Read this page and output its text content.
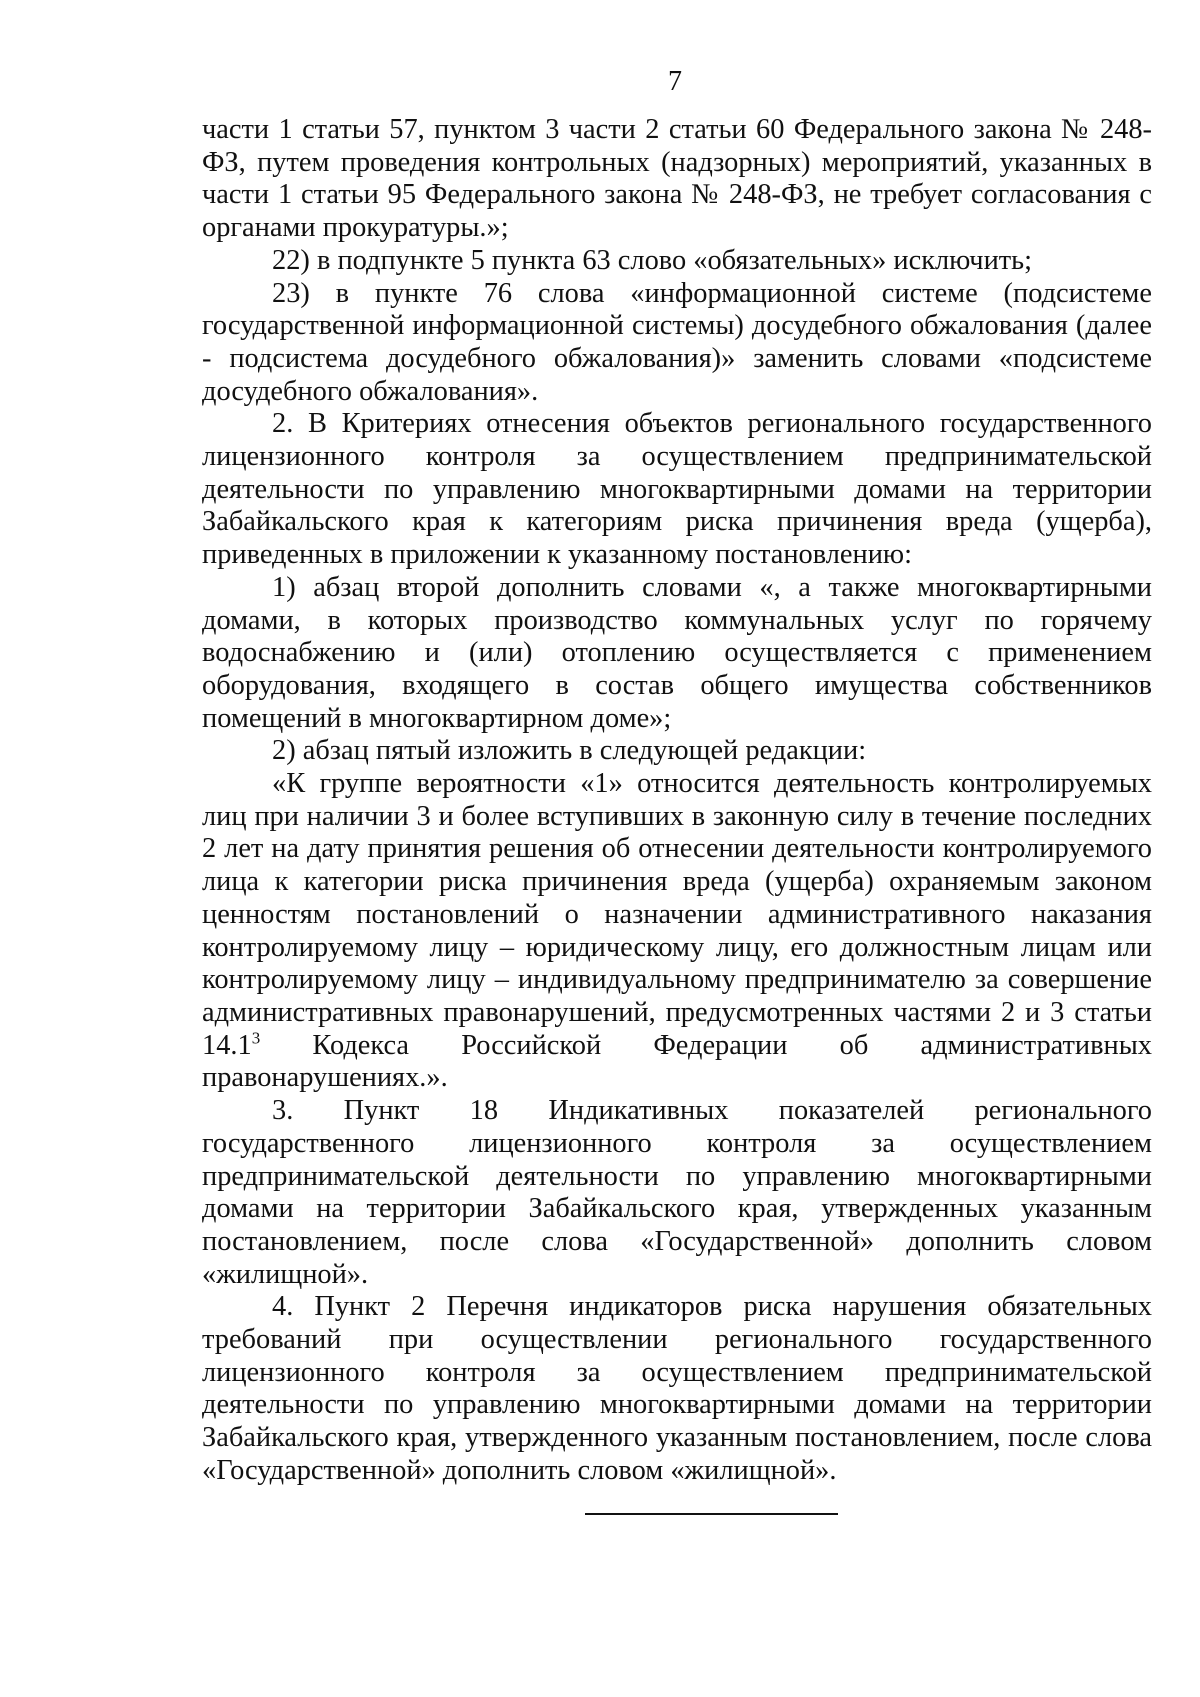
7

части 1 статьи 57, пунктом 3 части 2 статьи 60 Федерального закона № 248-ФЗ, путем проведения контрольных (надзорных) мероприятий, указанных в части 1 статьи 95 Федерального закона № 248-ФЗ, не требует согласования с органами прокуратуры.»;

22) в подпункте 5 пункта 63 слово «обязательных» исключить;

23) в пункте 76 слова «информационной системе (подсистеме государственной информационной системы) досудебного обжалования (далее - подсистема досудебного обжалования)» заменить словами «подсистеме досудебного обжалования».

2. В Критериях отнесения объектов регионального государственного лицензионного контроля за осуществлением предпринимательской деятельности по управлению многоквартирными домами на территории Забайкальского края к категориям риска причинения вреда (ущерба), приведенных в приложении к указанному постановлению:

1) абзац второй дополнить словами «, а также многоквартирными домами, в которых производство коммунальных услуг по горячему водоснабжению и (или) отоплению осуществляется с применением оборудования, входящего в состав общего имущества собственников помещений в многоквартирном доме»;

2) абзац пятый изложить в следующей редакции:

«К группе вероятности «1» относится деятельность контролируемых лиц при наличии 3 и более вступивших в законную силу в течение последних 2 лет на дату принятия решения об отнесении деятельности контролируемого лица к категории риска причинения вреда (ущерба) охраняемым законом ценностям постановлений о назначении административного наказания контролируемому лицу – юридическому лицу, его должностным лицам или контролируемому лицу – индивидуальному предпринимателю за совершение административных правонарушений, предусмотренных частями 2 и 3 статьи 14.1$^3$ Кодекса Российской Федерации об административных правонарушениях.».

3. Пункт 18 Индикативных показателей регионального государственного лицензионного контроля за осуществлением предпринимательской деятельности по управлению многоквартирными домами на территории Забайкальского края, утвержденных указанным постановлением, после слова «Государственной» дополнить словом «жилищной».

4. Пункт 2 Перечня индикаторов риска нарушения обязательных требований при осуществлении регионального государственного лицензионного контроля за осуществлением предпринимательской деятельности по управлению многоквартирными домами на территории Забайкальского края, утвержденного указанным постановлением, после слова «Государственной» дополнить словом «жилищной».
